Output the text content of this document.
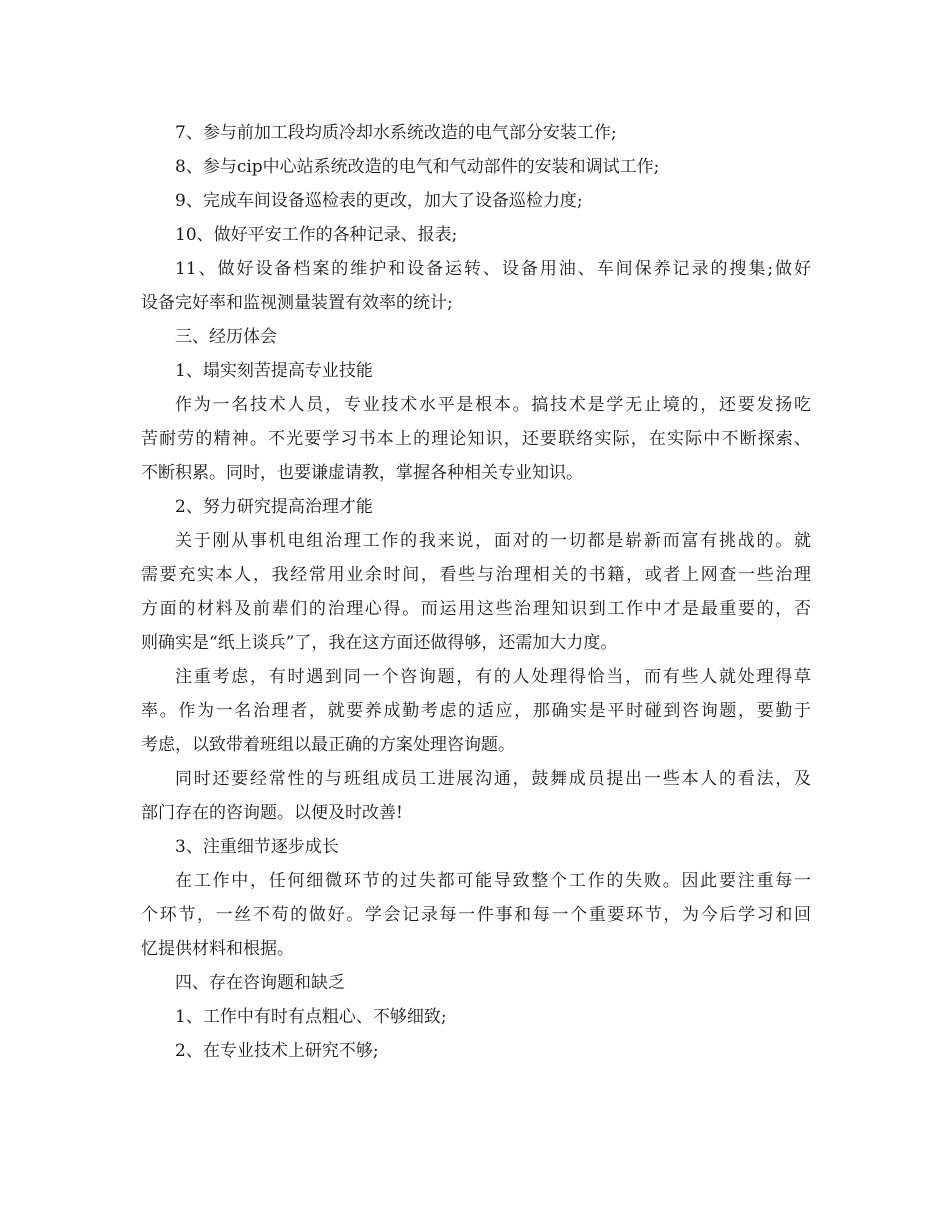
7、参与前加工段均质冷却水系统改造的电气部分安装工作;
8、参与cip中心站系统改造的电气和气动部件的安装和调试工作;
9、完成车间设备巡检表的更改，加大了设备巡检力度;
10、做好平安工作的各种记录、报表;
11、做好设备档案的维护和设备运转、设备用油、车间保养记录的搜集;做好
设备完好率和监视测量装置有效率的统计;
三、经历体会
1、塌实刻苦提高专业技能
作为一名技术人员，专业技术水平是根本。搞技术是学无止境的，还要发扬吃
苦耐劳的精神。不光要学习书本上的理论知识，还要联络实际，在实际中不断探索、
不断积累。同时，也要谦虚请教，掌握各种相关专业知识。
2、努力研究提高治理才能
关于刚从事机电组治理工作的我来说，面对的一切都是崭新而富有挑战的。就
需要充实本人，我经常用业余时间，看些与治理相关的书籍，或者上网查一些治理
方面的材料及前辈们的治理心得。而运用这些治理知识到工作中才是最重要的，否
则确实是“纸上谈兵”了，我在这方面还做得够，还需加大力度。
注重考虑，有时遇到同一个咨询题，有的人处理得恰当，而有些人就处理得草
率。作为一名治理者，就要养成勤考虑的适应，那确实是平时碰到咨询题，要勤于
考虑，以致带着班组以最正确的方案处理咨询题。
同时还要经常性的与班组成员工进展沟通，鼓舞成员提出一些本人的看法，及
部门存在的咨询题。以便及时改善!
3、注重细节逐步成长
在工作中，任何细微环节的过失都可能导致整个工作的失败。因此要注重每一
个环节，一丝不苟的做好。学会记录每一件事和每一个重要环节，为今后学习和回
忆提供材料和根据。
四、存在咨询题和缺乏
1、工作中有时有点粗心、不够细致;
2、在专业技术上研究不够;
